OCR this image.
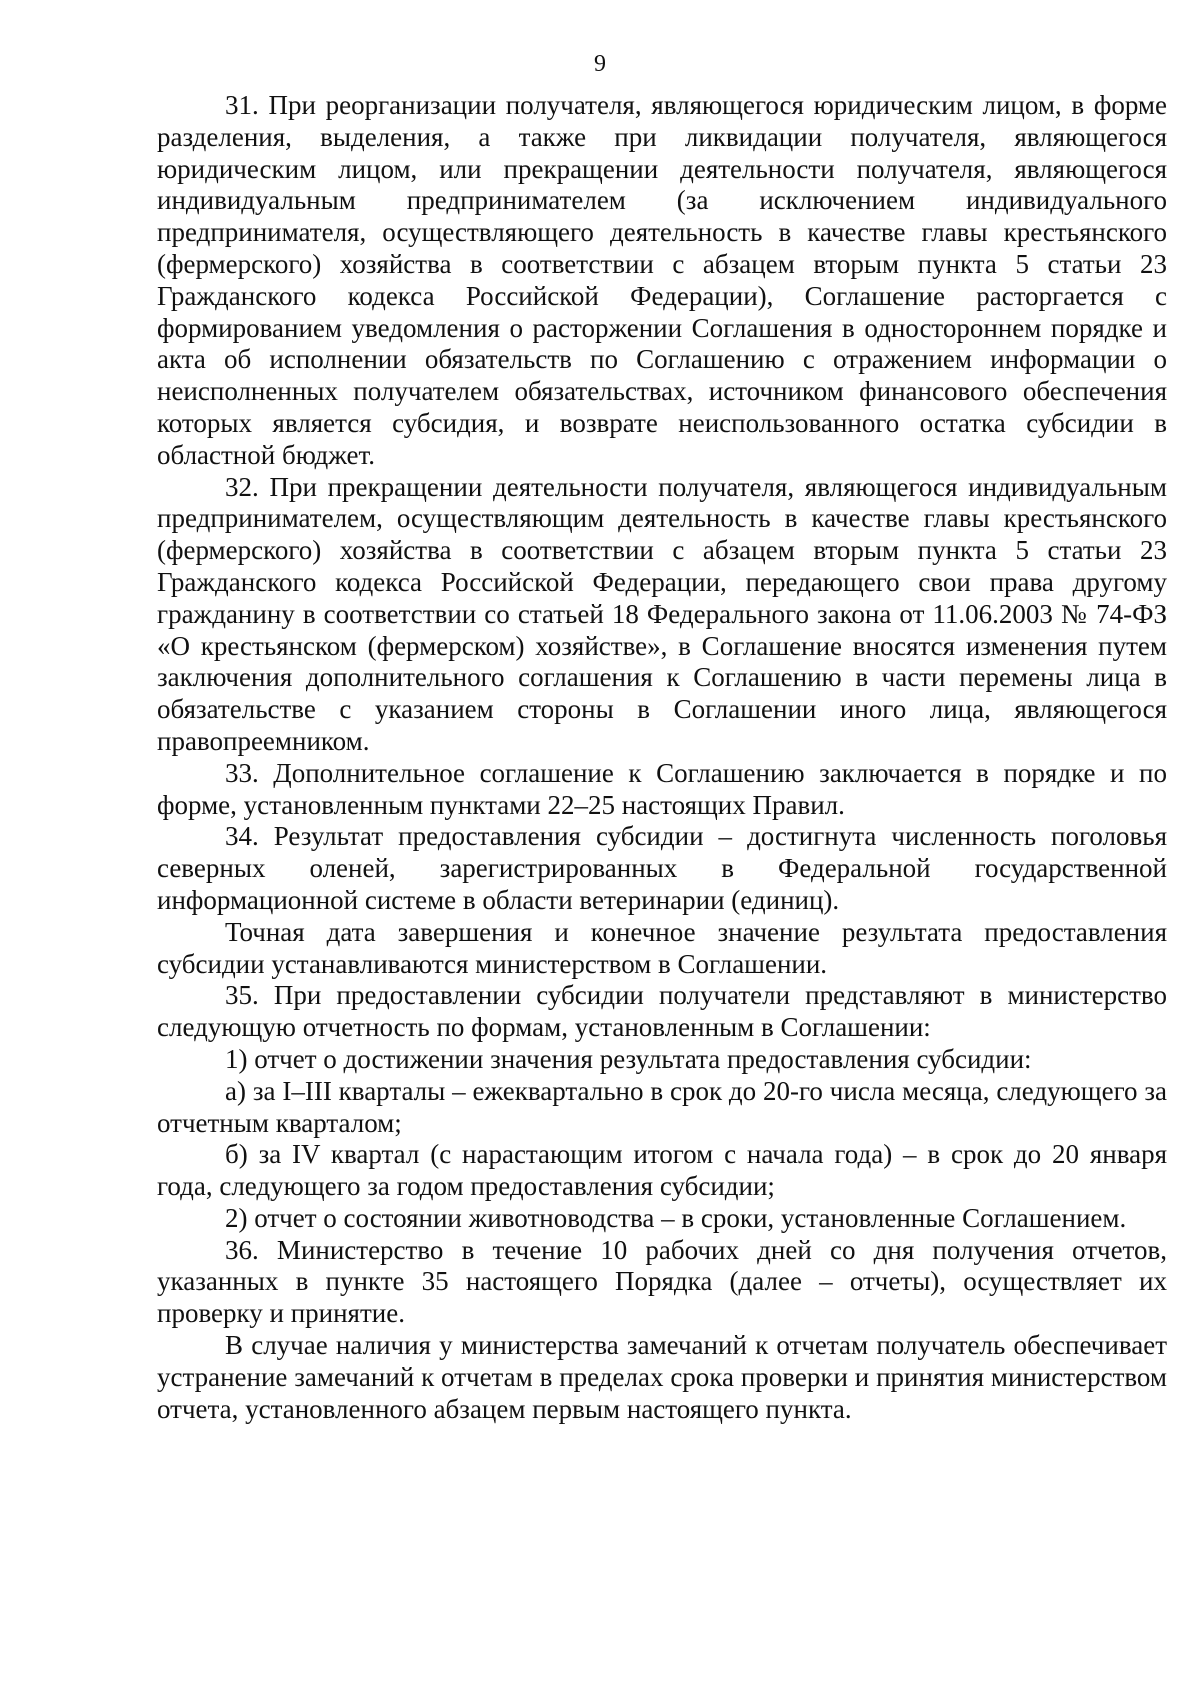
9

31. При реорганизации получателя, являющегося юридическим лицом, в форме разделения, выделения, а также при ликвидации получателя, являющегося юридическим лицом, или прекращении деятельности получателя, являющегося индивидуальным предпринимателем (за исключением индивидуального предпринимателя, осуществляющего деятельность в качестве главы крестьянского (фермерского) хозяйства в соответствии с абзацем вторым пункта 5 статьи 23 Гражданского кодекса Российской Федерации), Соглашение расторгается с формированием уведомления о расторжении Соглашения в одностороннем порядке и акта об исполнении обязательств по Соглашению с отражением информации о неисполненных получателем обязательствах, источником финансового обеспечения которых является субсидия, и возврате неиспользованного остатка субсидии в областной бюджет.

32. При прекращении деятельности получателя, являющегося индивидуальным предпринимателем, осуществляющим деятельность в качестве главы крестьянского (фермерского) хозяйства в соответствии с абзацем вторым пункта 5 статьи 23 Гражданского кодекса Российской Федерации, передающего свои права другому гражданину в соответствии со статьей 18 Федерального закона от 11.06.2003 № 74-ФЗ «О крестьянском (фермерском) хозяйстве», в Соглашение вносятся изменения путем заключения дополнительного соглашения к Соглашению в части перемены лица в обязательстве с указанием стороны в Соглашении иного лица, являющегося правопреемником.

33. Дополнительное соглашение к Соглашению заключается в порядке и по форме, установленным пунктами 22–25 настоящих Правил.

34. Результат предоставления субсидии – достигнута численность поголовья северных оленей, зарегистрированных в Федеральной государственной информационной системе в области ветеринарии (единиц).

Точная дата завершения и конечное значение результата предоставления субсидии устанавливаются министерством в Соглашении.

35. При предоставлении субсидии получатели представляют в министерство следующую отчетность по формам, установленным в Соглашении:

1) отчет о достижении значения результата предоставления субсидии:

а) за I–III кварталы – ежеквартально в срок до 20-го числа месяца, следующего за отчетным кварталом;

б) за IV квартал (с нарастающим итогом с начала года) – в срок до 20 января года, следующего за годом предоставления субсидии;

2) отчет о состоянии животноводства – в сроки, установленные Соглашением.

36. Министерство в течение 10 рабочих дней со дня получения отчетов, указанных в пункте 35 настоящего Порядка (далее – отчеты), осуществляет их проверку и принятие.

В случае наличия у министерства замечаний к отчетам получатель обеспечивает устранение замечаний к отчетам в пределах срока проверки и принятия министерством отчета, установленного абзацем первым настоящего пункта.
